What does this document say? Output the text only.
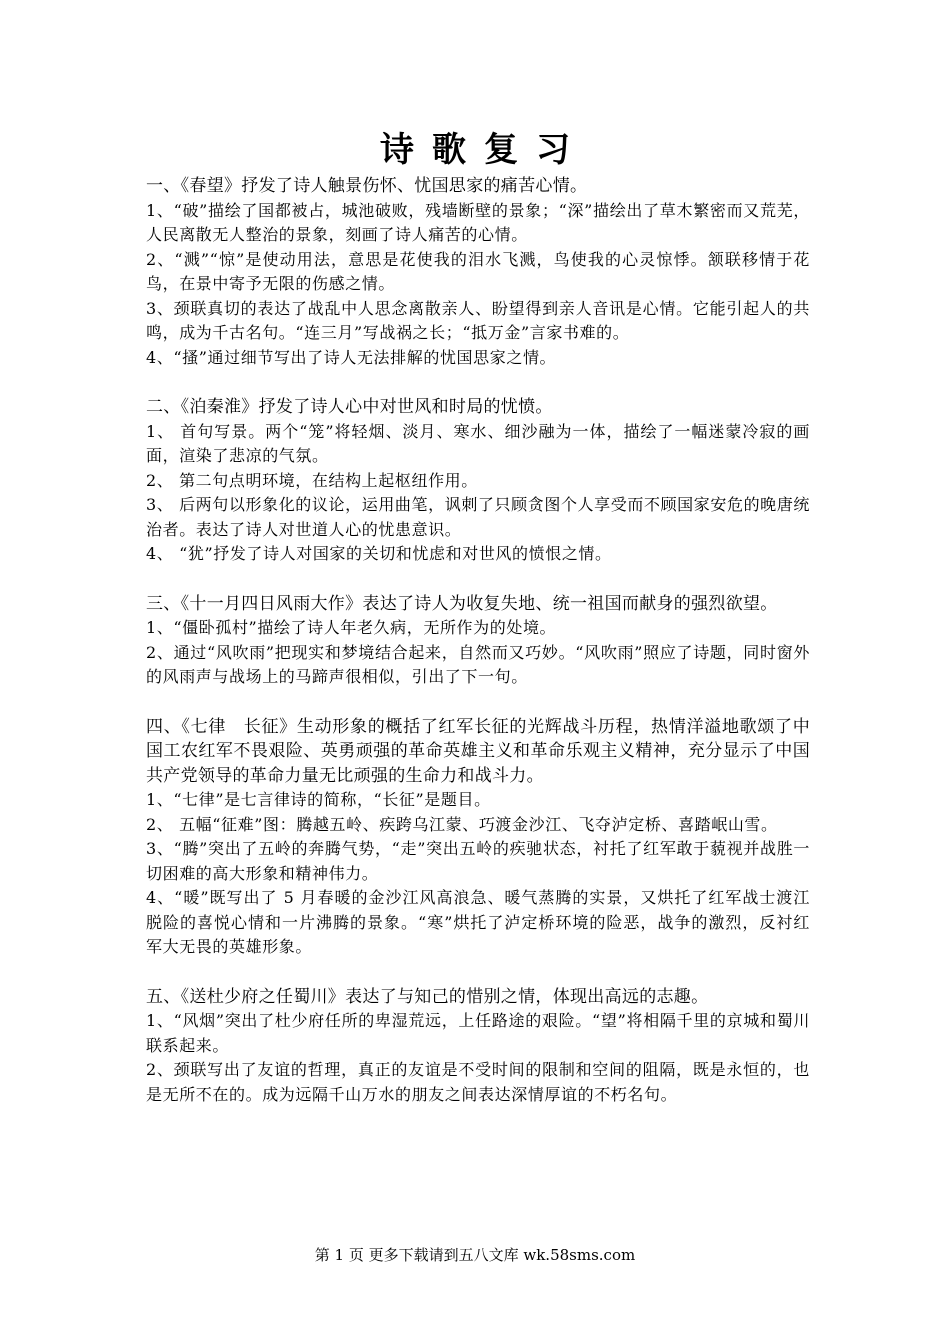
诗歌复习

一、《春望》抒发了诗人触景伤怀、忧国思家的痛苦心情。

1、“破”描绘了国都被占，城池破败，残墙断壁的景象；“深”描绘出了草木繁密而又荒芜，人民离散无人整治的景象，刻画了诗人痛苦的心情。

2、“溅”“惊”是使动用法，意思是花使我的泪水飞溅，鸟使我的心灵惊悸。颔联移情于花鸟，在景中寄予无限的伤感之情。

3、颈联真切的表达了战乱中人思念离散亲人、盼望得到亲人音讯是心情。它能引起人的共鸣，成为千古名句。“连三月”写战祸之长；“抵万金”言家书难的。

4、“搔”通过细节写出了诗人无法排解的忧国思家之情。

二、《泊秦淮》抒发了诗人心中对世风和时局的忧愤。

1、 首句写景。两个“笼”将轻烟、淡月、寒水、细沙融为一体，描绘了一幅迷蒙冷寂的画面，渲染了悲凉的气氛。

2、 第二句点明环境，在结构上起枢纽作用。

3、 后两句以形象化的议论，运用曲笔，讽刺了只顾贪图个人享受而不顾国家安危的晚唐统治者。表达了诗人对世道人心的忧患意识。

4、 “犹”抒发了诗人对国家的关切和忧虑和对世风的愤恨之情。

三、《十一月四日风雨大作》表达了诗人为收复失地、统一祖国而献身的强烈欲望。

1、“僵卧孤村”描绘了诗人年老久病，无所作为的处境。

2、通过“风吹雨”把现实和梦境结合起来，自然而又巧妙。“风吹雨”照应了诗题，同时窗外的风雨声与战场上的马蹄声很相似，引出了下一句。

四、《七律　长征》生动形象的概括了红军长征的光辉战斗历程，热情洋溢地歌颂了中国工农红军不畏艰险、英勇顽强的革命英雄主义和革命乐观主义精神，充分显示了中国共产党领导的革命力量无比顽强的生命力和战斗力。

1、“七律”是七言律诗的简称，“长征”是题目。

2、 五幅“征难”图：腾越五岭、疾跨乌江蒙、巧渡金沙江、飞夺泸定桥、喜踏岷山雪。

3、“腾”突出了五岭的奔腾气势，“走”突出五岭的疾驰状态，衬托了红军敢于藐视并战胜一切困难的高大形象和精神伟力。

4、“暖”既写出了 5 月春暖的金沙江风高浪急、暖气蒸腾的实景，又烘托了红军战士渡江脱险的喜悦心情和一片沸腾的景象。“寒”烘托了泸定桥环境的险恶，战争的激烈，反衬红军大无畏的英雄形象。

五、《送杜少府之任蜀川》表达了与知己的惜别之情，体现出高远的志趣。

1、“风烟”突出了杜少府任所的卑湿荒远，上任路途的艰险。“望”将相隔千里的京城和蜀川联系起来。

2、颈联写出了友谊的哲理，真正的友谊是不受时间的限制和空间的阻隔，既是永恒的，也是无所不在的。成为远隔千山万水的朋友之间表达深情厚谊的不朽名句。

第 1 页 更多下载请到五八文库 wk.58sms.com
